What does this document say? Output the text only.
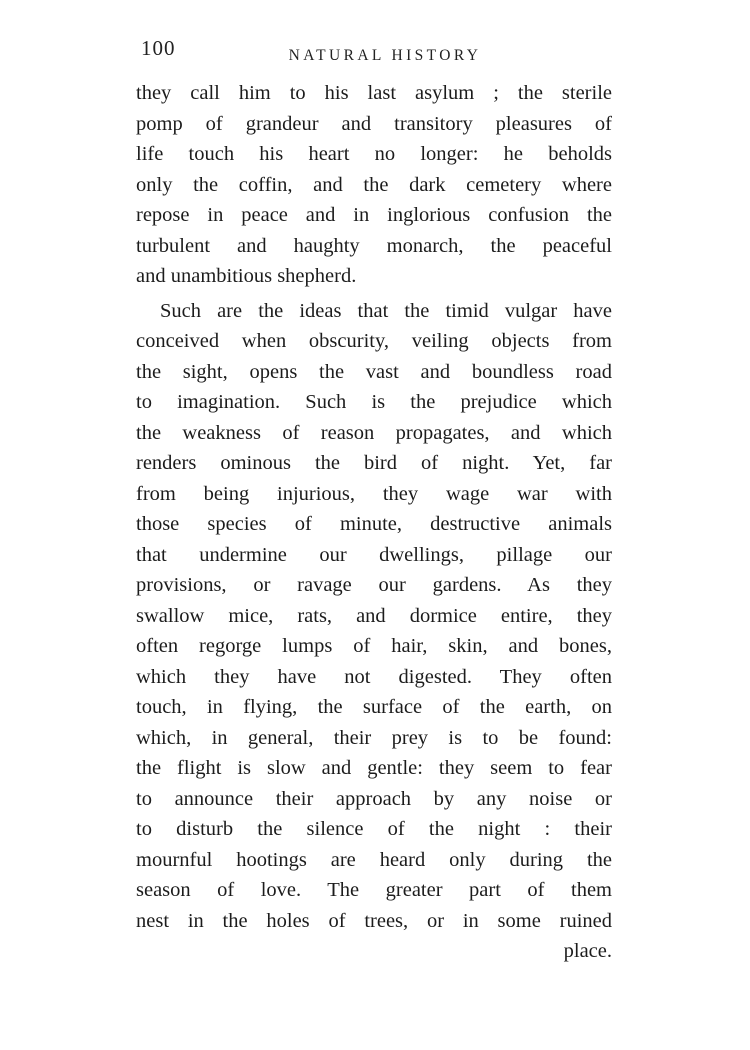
100	NATURAL HISTORY
they call him to his last asylum ; the sterile
pomp of grandeur and transitory pleasures of
life touch his heart no longer: he beholds
only the coffin, and the dark cemetery where
repose in peace and in inglorious confusion the
turbulent and haughty monarch, the peaceful
and unambitious shepherd.
Such are the ideas that the timid vulgar have
conceived when obscurity, veiling objects from
the sight, opens the vast and boundless road
to imagination. Such is the prejudice which
the weakness of reason propagates, and which
renders ominous the bird of night. Yet, far
from being injurious, they wage war with
those species of minute, destructive animals
that undermine our dwellings, pillage our
provisions, or ravage our gardens. As they
swallow mice, rats, and dormice entire, they
often regorge lumps of hair, skin, and bones,
which they have not digested. They often
touch, in flying, the surface of the earth, on
which, in general, their prey is to be found:
the flight is slow and gentle: they seem to fear
to announce their approach by any noise or
to disturb the silence of the night : their
mournful hootings are heard only during the
season of love. The greater part of them
nest in the holes of trees, or in some ruined
place.
